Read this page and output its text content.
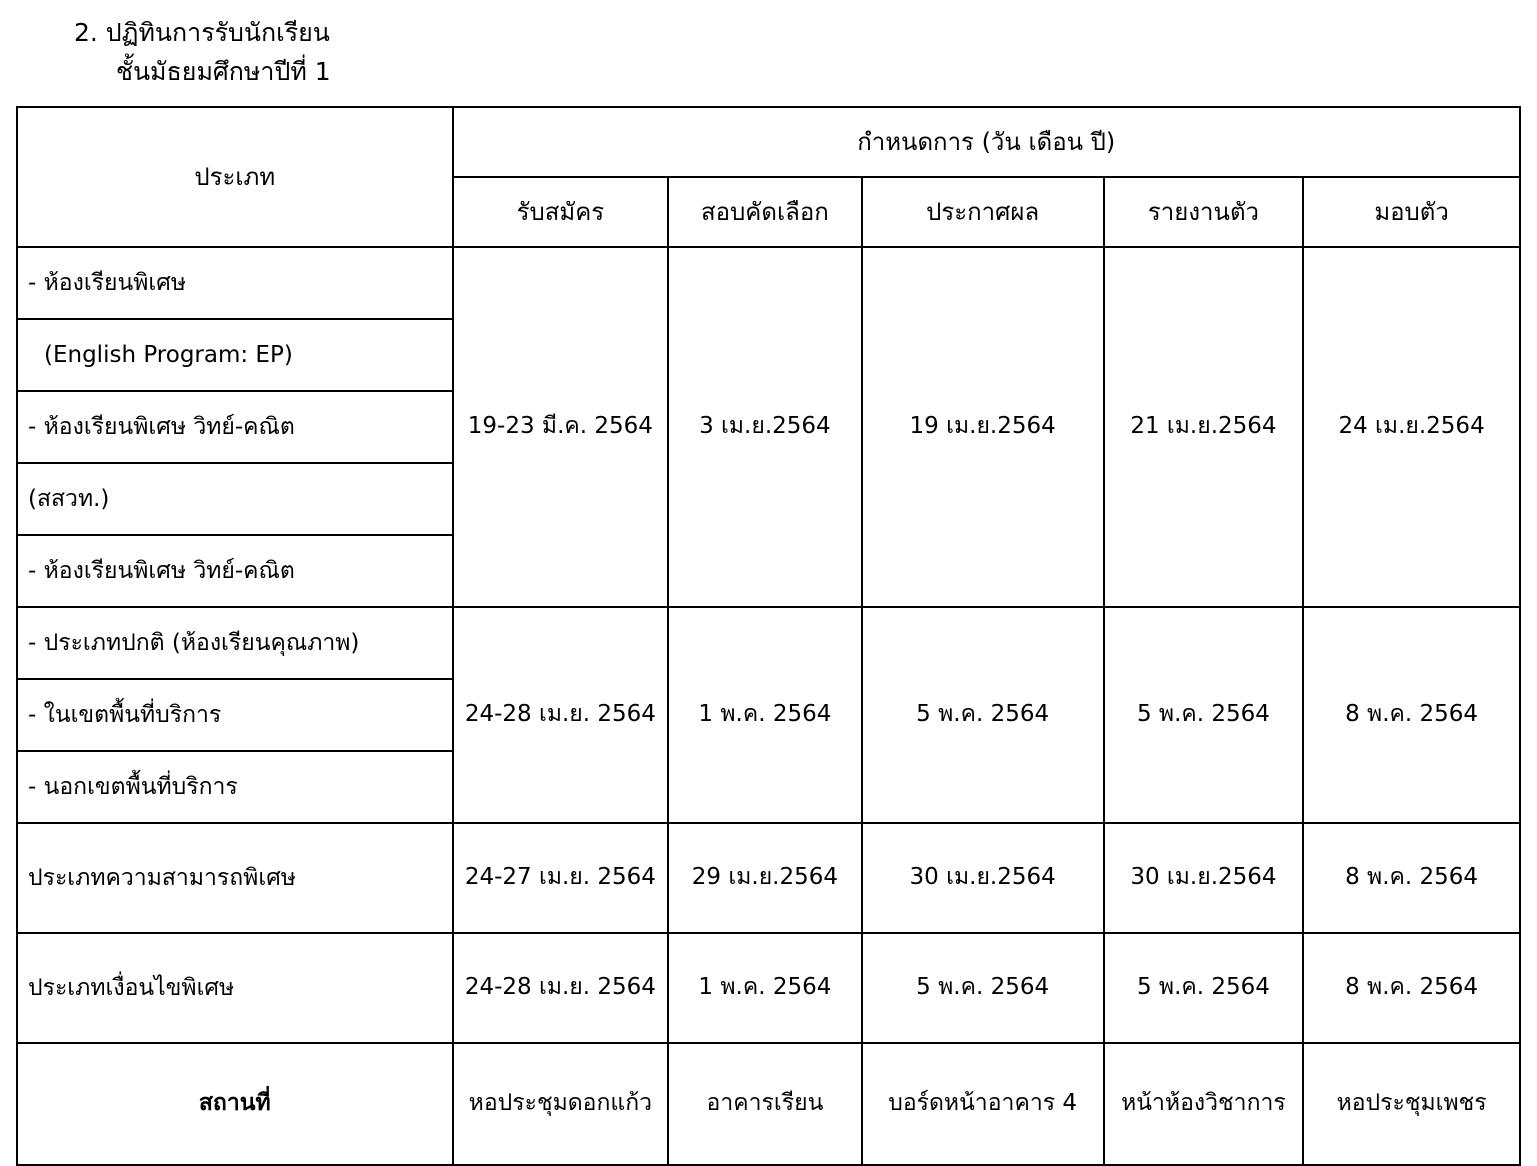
2. ปฏิทินการรับนักเรียน
ชั้นมัธยมศึกษาปีที่ 1
ประเภท	กำหนดการ (วัน เดือน ปี)				
	รับสมัคร	สอบคัดเลือก	ประกาศผล	รายงานตัว	มอบตัว
- ห้องเรียนพิเศษ	19-23 มี.ค. 2564	3 เม.ย.2564	19 เม.ย.2564	21 เม.ย.2564	24 เม.ย.2564
(English Program: EP)					
- ห้องเรียนพิเศษ วิทย์-คณิต					
(สสวท.)					
- ห้องเรียนพิเศษ วิทย์-คณิต					
- ประเภทปกติ (ห้องเรียนคุณภาพ)	24-28 เม.ย. 2564	1 พ.ค. 2564	5 พ.ค. 2564	5 พ.ค. 2564	8 พ.ค. 2564
- ในเขตพื้นที่บริการ					
- นอกเขตพื้นที่บริการ					
ประเภทความสามารถพิเศษ	24-27 เม.ย. 2564	29 เม.ย.2564	30 เม.ย.2564	30 เม.ย.2564	8 พ.ค. 2564
ประเภทเงื่อนไขพิเศษ	24-28 เม.ย. 2564	1 พ.ค. 2564	5 พ.ค. 2564	5 พ.ค. 2564	8 พ.ค. 2564
สถานที่	หอประชุมดอกแก้ว	อาคารเรียน	บอร์ดหน้าอาคาร 4	หน้าห้องวิชาการ	หอประชุมเพชร
